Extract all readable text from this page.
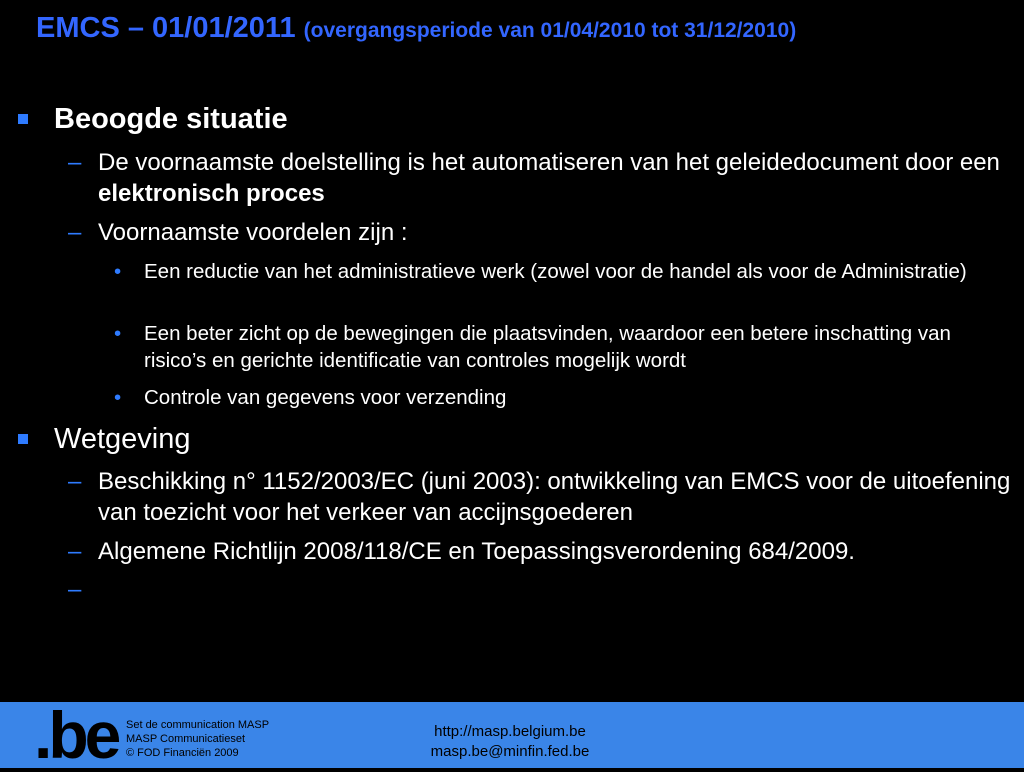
EMCS – 01/01/2011 (overgangsperiode van 01/04/2010 tot 31/12/2010)
Beoogde situatie
– De voornaamste doelstelling is het automatiseren van het geleidedocument door een elektronisch proces
– Voornaamste voordelen zijn :
• Een reductie van het administratieve werk (zowel voor de handel als voor de Administratie)
• Een beter zicht op de bewegingen die plaatsvinden, waardoor een betere inschatting van risico’s en gerichte identificatie van controles mogelijk wordt
• Controle van gegevens voor verzending
Wetgeving
– Beschikking n° 1152/2003/EC (juni 2003): ontwikkeling van EMCS voor de uitoefening van toezicht voor het verkeer van accijnsgoederen
– Algemene Richtlijn 2008/118/CE en Toepassingsverordening 684/2009.
–
.be Set de communication MASP
MASP Communicatieset
© FOD Financiën 2009
http://masp.belgium.be
masp.be@minfin.fed.be
